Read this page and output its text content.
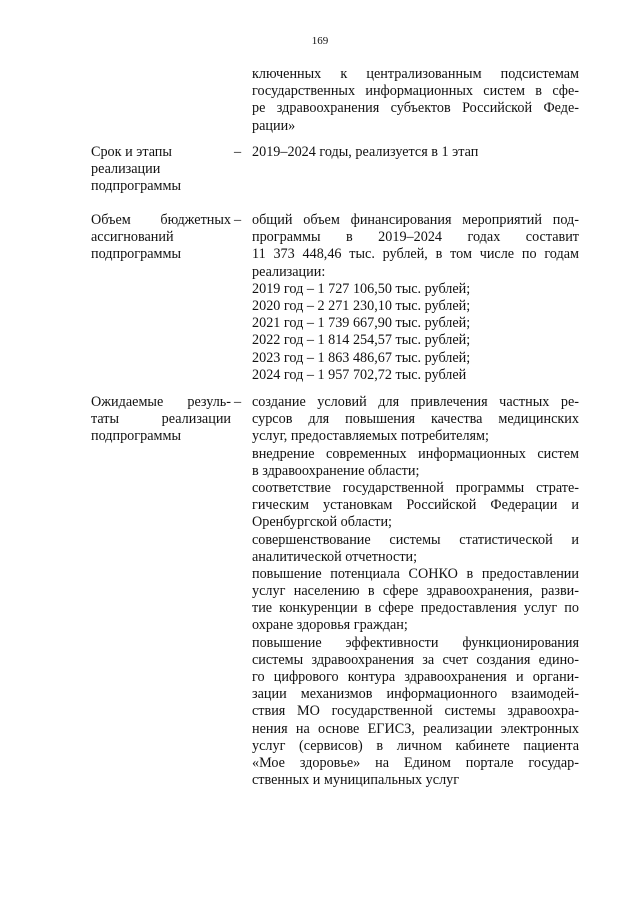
169
ключенных к централизованным подсистемам
государственных информационных систем в сфе-
ре здравоохранения субъектов Российской Феде-
рации»
Срок и этапы
реализации
подпрограммы
– 2019–2024 годы, реализуется в 1 этап
Объем бюджетных
ассигнований
подпрограммы
– общий объем финансирования мероприятий под-
программы в 2019–2024 годах составит
11 373 448,46 тыс. рублей, в том числе по годам
реализации:
2019 год – 1 727 106,50 тыс. рублей;
2020 год – 2 271 230,10 тыс. рублей;
2021 год – 1 739 667,90 тыс. рублей;
2022 год – 1 814 254,57 тыс. рублей;
2023 год – 1 863 486,67 тыс. рублей;
2024 год – 1 957 702,72 тыс. рублей
Ожидаемые резуль-
таты реализации
подпрограммы
– создание условий для привлечения частных ре-
сурсов для повышения качества медицинских
услуг, предоставляемых потребителям;
внедрение современных информационных систем
в здравоохранение области;
соответствие государственной программы страте-
гическим установкам Российской Федерации и
Оренбургской области;
совершенствование системы статистической и
аналитической отчетности;
повышение потенциала СОНКО в предоставлении
услуг населению в сфере здравоохранения, разви-
тие конкуренции в сфере предоставления услуг по
охране здоровья граждан;
повышение эффективности функционирования
системы здравоохранения за счет создания едино-
го цифрового контура здравоохранения и органи-
зации механизмов информационного взаимодей-
ствия МО государственной системы здравоохра-
нения на основе ЕГИСЗ, реализации электронных
услуг (сервисов) в личном кабинете пациента
«Мое здоровье» на Едином портале государ-
ственных и муниципальных услуг
